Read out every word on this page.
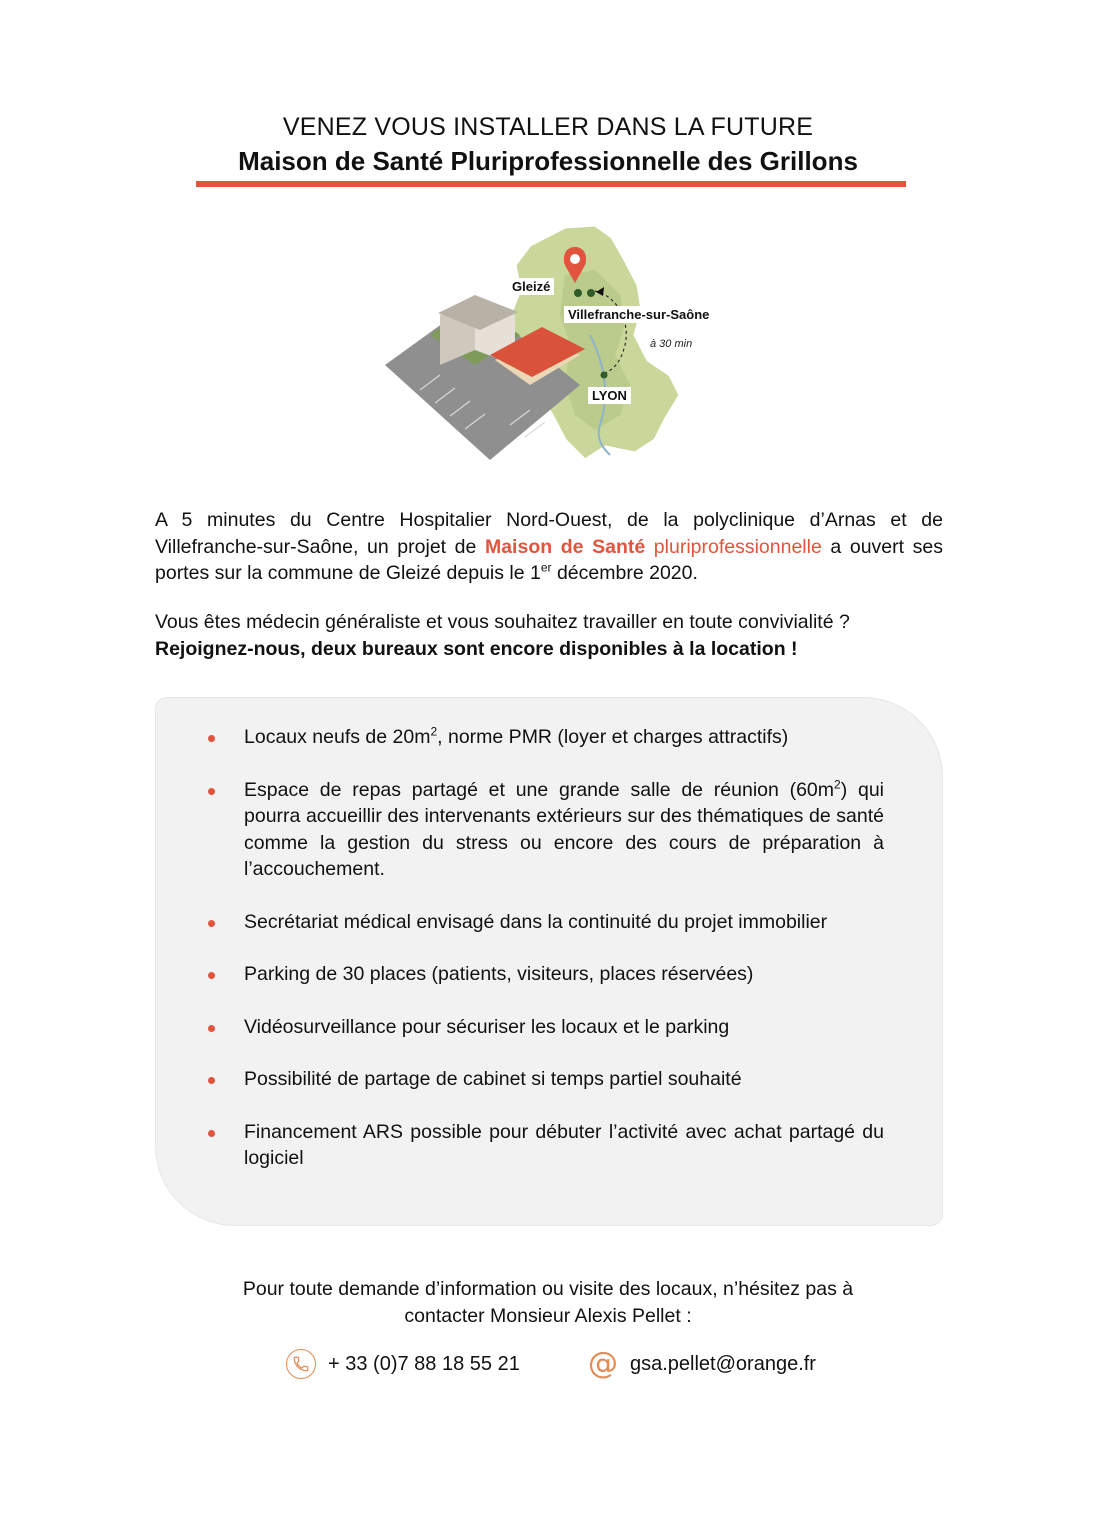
VENEZ VOUS INSTALLER DANS LA FUTURE
Maison de Santé Pluriprofessionnelle des Grillons
Gleizé
Villefranche-sur-Saône
à 30 min
LYON
A 5 minutes du Centre Hospitalier Nord-Ouest, de la polyclinique d’Arnas et de Villefranche-sur-Saône, un projet de Maison de Santé pluriprofessionnelle a ouvert ses portes sur la commune de Gleizé depuis le 1er décembre 2020.
Vous êtes médecin généraliste et vous souhaitez travailler en toute convivialité ?
Rejoignez-nous, deux bureaux sont encore disponibles à la location !
Locaux neufs de $20m^2$, norme PMR (loyer et charges attractifs)
Espace de repas partagé et une grande salle de réunion $(60m^2)$ qui pourra accueillir des intervenants extérieurs sur des thématiques de santé comme la gestion du stress ou encore des cours de préparation à l’accouchement.
Secrétariat médical envisagé dans la continuité du projet immobilier
Parking de 30 places (patients, visiteurs, places réservées)
Vidéosurveillance pour sécuriser les locaux et le parking
Possibilité de partage de cabinet si temps partiel souhaité
Financement ARS possible pour débuter l’activité avec achat partagé du logiciel
Pour toute demande d’information ou visite des locaux, n’hésitez pas à
contacter Monsieur Alexis Pellet :
+ 33 (0)7 88 18 55 21 @ gsa.pellet@orange.fr
